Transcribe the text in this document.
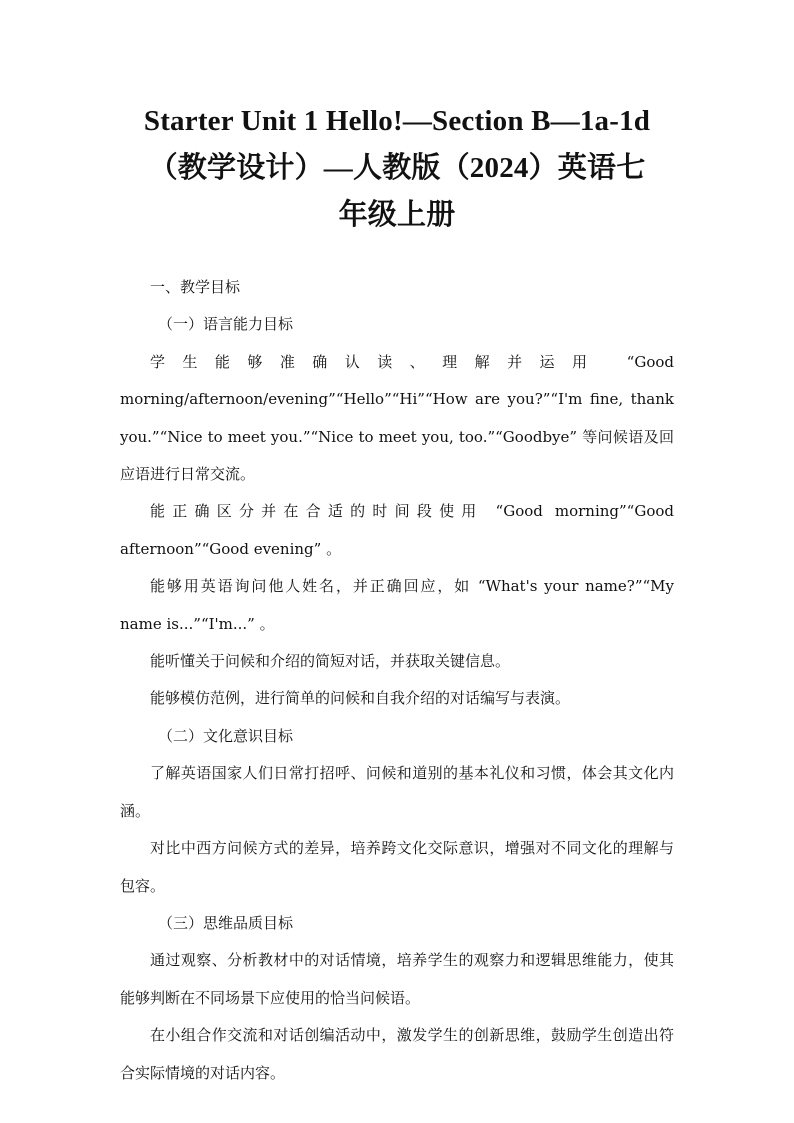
Starter Unit 1 Hello!—Section B—1a-1d
（教学设计）—人教版（2024）英语七
年级上册

一、教学目标

（一）语言能力目标

学生能够准确认读、理解并运用 “Good morning/afternoon/evening”“Hello”“Hi”“How are you?”“I'm fine, thank you.”“Nice to meet you.”“Nice to meet you, too.”“Goodbye” 等问候语及回应语进行日常交流。

能正确区分并在合适的时间段使用 “Good morning”“Good afternoon”“Good evening” 。

能够用英语询问他人姓名，并正确回应，如 “What's your name?”“My name is...”“I'm...” 。

能听懂关于问候和介绍的简短对话，并获取关键信息。

能够模仿范例，进行简单的问候和自我介绍的对话编写与表演。

（二）文化意识目标

了解英语国家人们日常打招呼、问候和道别的基本礼仪和习惯，体会其文化内涵。

对比中西方问候方式的差异，培养跨文化交际意识，增强对不同文化的理解与包容。

（三）思维品质目标

通过观察、分析教材中的对话情境，培养学生的观察力和逻辑思维能力，使其能够判断在不同场景下应使用的恰当问候语。

在小组合作交流和对话创编活动中，激发学生的创新思维，鼓励学生创造出符合实际情境的对话内容。
